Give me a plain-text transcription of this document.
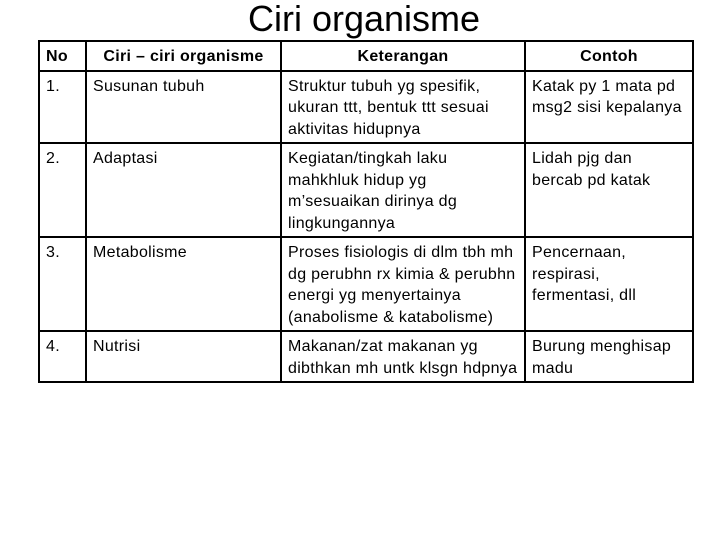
Ciri organisme
No	Ciri – ciri organisme	Keterangan	Contoh
1.	Susunan tubuh	Struktur tubuh yg spesifik, ukuran ttt, bentuk ttt sesuai aktivitas hidupnya	Katak py 1 mata pd msg2 sisi kepalanya
2.	Adaptasi	Kegiatan/tingkah laku mahkhluk hidup yg m’sesuaikan dirinya dg lingkungannya	Lidah pjg dan bercab pd katak
3.	Metabolisme	Proses fisiologis di dlm tbh mh dg perubhn rx kimia & perubhn energi yg menyertainya (anabolisme & katabolisme)	Pencernaan, respirasi, fermentasi, dll
4.	Nutrisi	Makanan/zat makanan yg dibthkan mh untk klsgn hdpnya	Burung menghisap madu
